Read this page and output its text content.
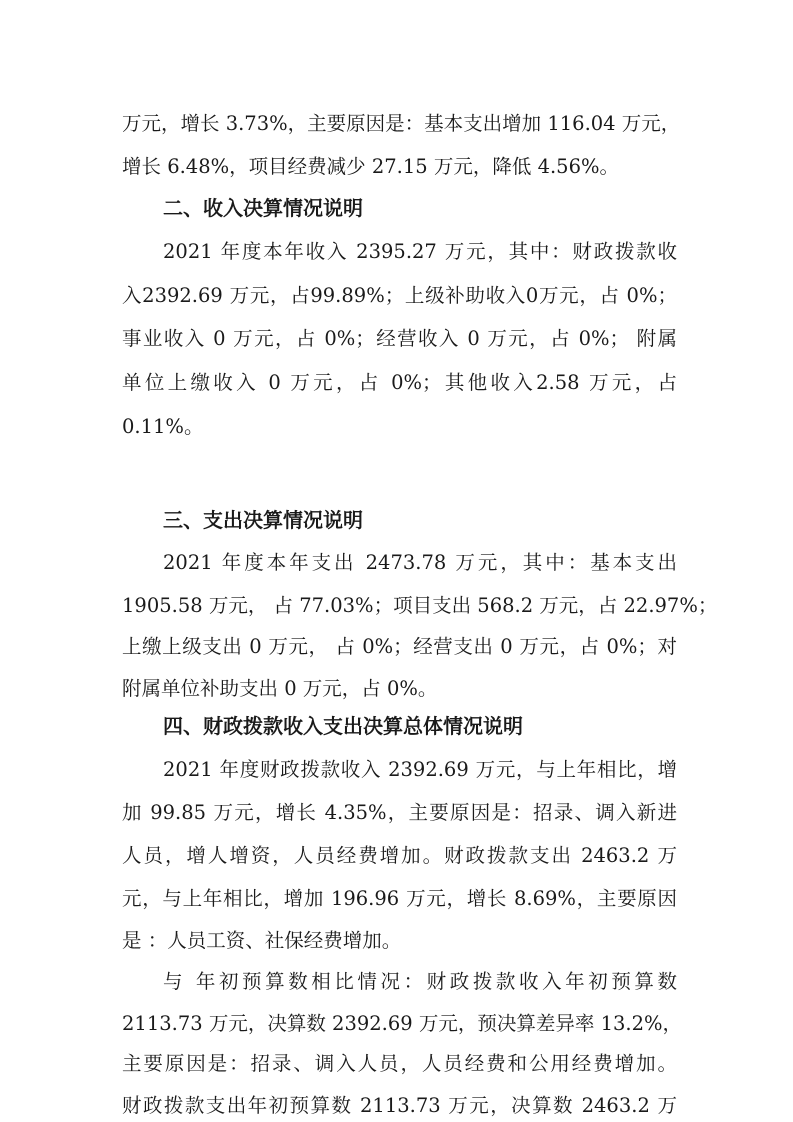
万元，增长 3.73%，主要原因是：基本支出增加 116.04 万元，
增长 6.48%，项目经费减少 27.15 万元，降低 4.56%。
二、收入决算情况说明
2021 年度本年收入 2395.27 万元，其中：财政拨款收
入2392.69 万元，占99.89%；上级补助收入0万元，占 0%；
事业收入 0 万元，占 0%；经营收入 0 万元，占 0%； 附属
单位上缴收入 0 万元，占 0%；其他收入2.58 万元，占
0.11%。
三、支出决算情况说明
2021 年度本年支出 2473.78 万元，其中：基本支出
1905.58 万元， 占 77.03%；项目支出 568.2 万元，占 22.97%；
上缴上级支出 0 万元， 占 0%；经营支出 0 万元，占 0%；对
附属单位补助支出 0 万元，占 0%。
四、财政拨款收入支出决算总体情况说明
2021 年度财政拨款收入 2392.69 万元，与上年相比，增
加 99.85 万元，增长 4.35%，主要原因是：招录、调入新进
人员，增人增资，人员经费增加。财政拨款支出 2463.2 万
元，与上年相比，增加 196.96 万元，增长 8.69%，主要原因
是 ：人员工资、社保经费增加。
与 年初预算数相比情况：财政拨款收入年初预算数
2113.73 万元，决算数 2392.69 万元，预决算差异率 13.2%，
主要原因是：招录、调入人员，人员经费和公用经费增加。
财政拨款支出年初预算数 2113.73 万元，决算数 2463.2 万
